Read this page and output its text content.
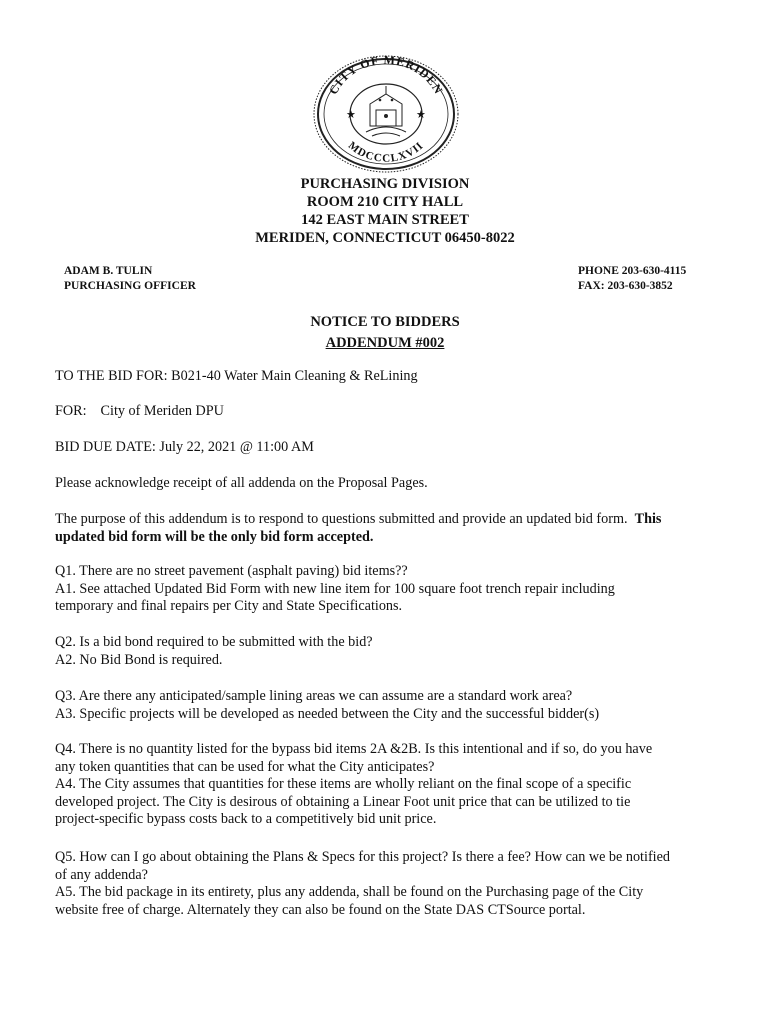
CITY OF MERIDEN
MDCCCLXVII
★	★
PURCHASING DIVISION
ROOM 210 CITY HALL
142 EAST MAIN STREET
MERIDEN, CONNECTICUT 06450-8022
ADAM B. TULIN
PURCHASING OFFICER
PHONE 203-630-4115
FAX: 203-630-3852
NOTICE TO BIDDERS
ADDENDUM #002
TO THE BID FOR: B021-40 Water Main Cleaning & ReLining
FOR: City of Meriden DPU
BID DUE DATE: July 22, 2021 @ 11:00 AM
Please acknowledge receipt of all addenda on the Proposal Pages.
The purpose of this addendum is to respond to questions submitted and provide an updated bid form. This
updated bid form will be the only bid form accepted.
Q1. There are no street pavement (asphalt paving) bid items??
A1. See attached Updated Bid Form with new line item for 100 square foot trench repair including
temporary and final repairs per City and State Specifications.
Q2. Is a bid bond required to be submitted with the bid?
A2. No Bid Bond is required.
Q3. Are there any anticipated/sample lining areas we can assume are a standard work area?
A3. Specific projects will be developed as needed between the City and the successful bidder(s)
Q4. There is no quantity listed for the bypass bid items 2A &2B. Is this intentional and if so, do you have
any token quantities that can be used for what the City anticipates?
A4. The City assumes that quantities for these items are wholly reliant on the final scope of a specific
developed project. The City is desirous of obtaining a Linear Foot unit price that can be utilized to tie
project-specific bypass costs back to a competitively bid unit price.
Q5. How can I go about obtaining the Plans & Specs for this project? Is there a fee? How can we be notified
of any addenda?
A5. The bid package in its entirety, plus any addenda, shall be found on the Purchasing page of the City
website free of charge. Alternately they can also be found on the State DAS CTSource portal.
